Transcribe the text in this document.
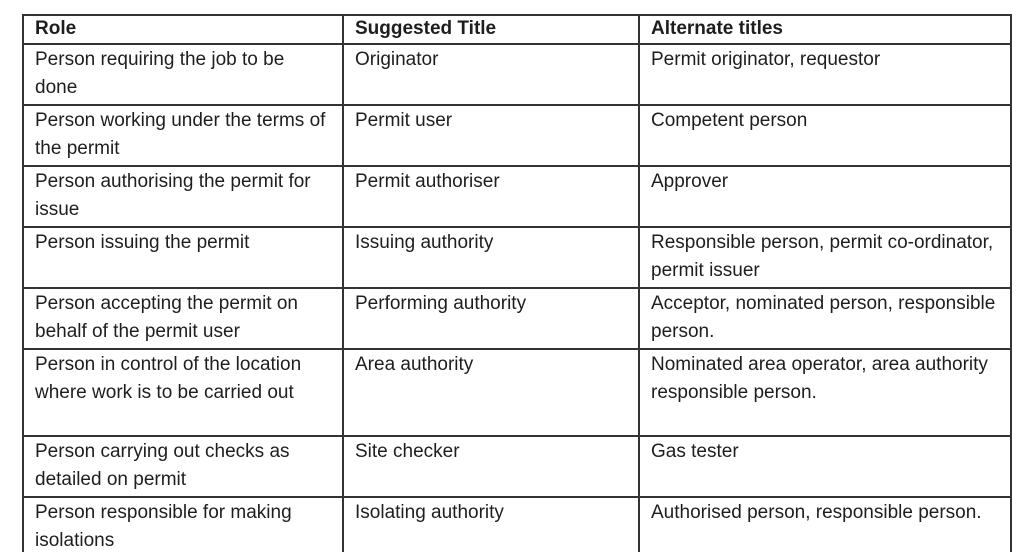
Role	Suggested Title	Alternate titles
Person requiring the job to be done	Originator	Permit originator, requestor
Person working under the terms of the permit	Permit user	Competent person
Person authorising the permit for issue	Permit authoriser	Approver
Person issuing the permit	Issuing authority	Responsible person, permit co-ordinator, permit issuer
Person accepting the permit on behalf of the permit user	Performing authority	Acceptor, nominated person, responsible person.
Person in control of the location where work is to be carried out	Area authority	Nominated area operator, area authority responsible person.
Person carrying out checks as detailed on permit	Site checker	Gas tester
Person responsible for making isolations	Isolating authority	Authorised person, responsible person.
